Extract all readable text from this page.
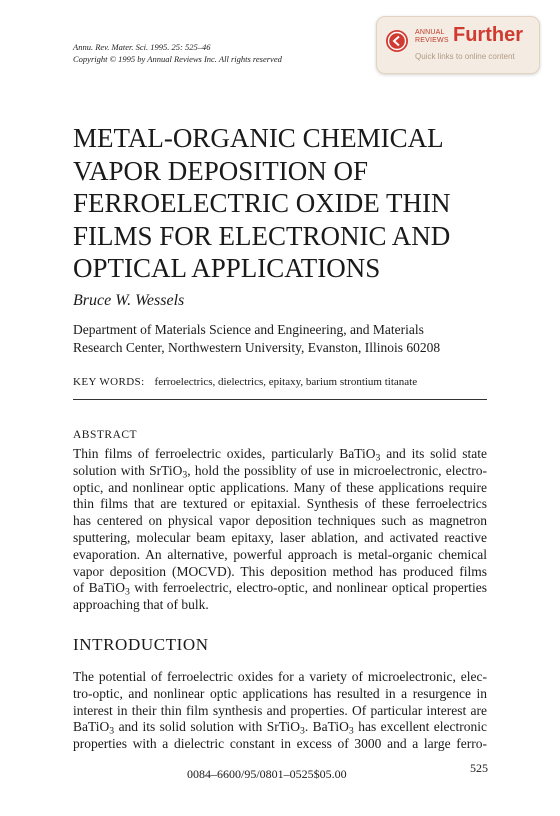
Annu. Rev. Mater. Sci. 1995. 25: 525–46
Copyright © 1995 by Annual Reviews Inc. All rights reserved
ANNUAL
REVIEWS Further
Quick links to online content
METAL-ORGANIC CHEMICAL
VAPOR DEPOSITION OF
FERROELECTRIC OXIDE THIN
FILMS FOR ELECTRONIC AND
OPTICAL APPLICATIONS
Bruce W. Wessels
Department of Materials Science and Engineering, and Materials
Research Center, Northwestern University, Evanston, Illinois 60208
KEY WORDS: ferroelectrics, dielectrics, epitaxy, barium strontium titanate
ABSTRACT
Thin films of ferroelectric oxides, particularly BaTiO$_3$ and its solid state
solution with SrTiO$_3$, hold the possiblity of use in microelectronic, electro-
optic, and nonlinear optic applications. Many of these applications require
thin films that are textured or epitaxial. Synthesis of these ferroelectrics
has centered on physical vapor deposition techniques such as magnetron
sputtering, molecular beam epitaxy, laser ablation, and activated reactive
evaporation. An alternative, powerful approach is metal-organic chemical
vapor deposition (MOCVD). This deposition method has produced films
of BaTiO$_3$ with ferroelectric, electro-optic, and nonlinear optical properties
approaching that of bulk.
INTRODUCTION
The potential of ferroelectric oxides for a variety of microelectronic, elec-
tro-optic, and nonlinear optic applications has resulted in a resurgence in
interest in their thin film synthesis and properties. Of particular interest are
BaTiO$_3$ and its solid solution with SrTiO$_3$. BaTiO$_3$ has excellent electronic
properties with a dielectric constant in excess of 3000 and a large ferro-
0084–6600/95/0801–0525$05.00	525
